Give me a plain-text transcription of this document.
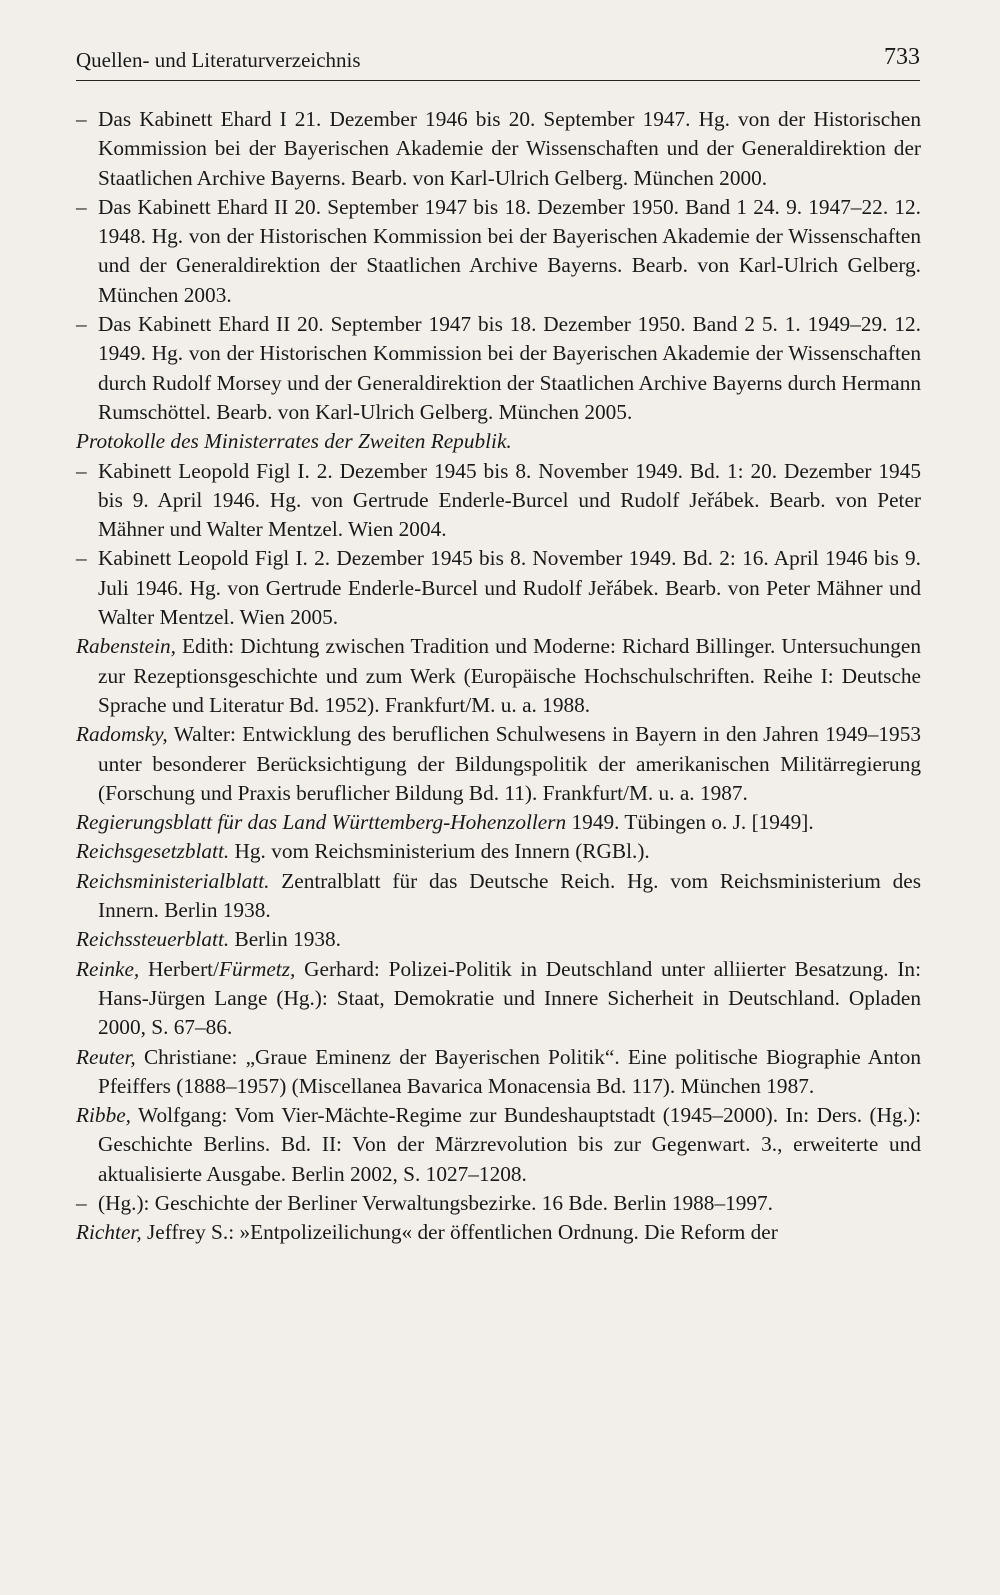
Quellen- und Literaturverzeichnis	733
– Das Kabinett Ehard I 21. Dezember 1946 bis 20. September 1947. Hg. von der Historischen Kommission bei der Bayerischen Akademie der Wissenschaften und der Generaldirektion der Staatlichen Archive Bayerns. Bearb. von Karl-Ulrich Gelberg. München 2000.
– Das Kabinett Ehard II 20. September 1947 bis 18. Dezember 1950. Band 1 24. 9. 1947–22. 12. 1948. Hg. von der Historischen Kommission bei der Bayerischen Akademie der Wissenschaften und der Generaldirektion der Staatlichen Archive Bayerns. Bearb. von Karl-Ulrich Gelberg. München 2003.
– Das Kabinett Ehard II 20. September 1947 bis 18. Dezember 1950. Band 2 5. 1. 1949–29. 12. 1949. Hg. von der Historischen Kommission bei der Bayerischen Akademie der Wissenschaften durch Rudolf Morsey und der Generaldirektion der Staatlichen Archive Bayerns durch Hermann Rumschöttel. Bearb. von Karl-Ulrich Gelberg. München 2005.
Protokolle des Ministerrates der Zweiten Republik.
– Kabinett Leopold Figl I. 2. Dezember 1945 bis 8. November 1949. Bd. 1: 20. Dezember 1945 bis 9. April 1946. Hg. von Gertrude Enderle-Burcel und Rudolf Jeřábek. Bearb. von Peter Mähner und Walter Mentzel. Wien 2004.
– Kabinett Leopold Figl I. 2. Dezember 1945 bis 8. November 1949. Bd. 2: 16. April 1946 bis 9. Juli 1946. Hg. von Gertrude Enderle-Burcel und Rudolf Jeřábek. Bearb. von Peter Mähner und Walter Mentzel. Wien 2005.
Rabenstein, Edith: Dichtung zwischen Tradition und Moderne: Richard Billinger. Untersuchungen zur Rezeptionsgeschichte und zum Werk (Europäische Hochschulschriften. Reihe I: Deutsche Sprache und Literatur Bd. 1952). Frankfurt/M. u. a. 1988.
Radomsky, Walter: Entwicklung des beruflichen Schulwesens in Bayern in den Jahren 1949–1953 unter besonderer Berücksichtigung der Bildungspolitik der amerikanischen Militärregierung (Forschung und Praxis beruflicher Bildung Bd. 11). Frankfurt/M. u. a. 1987.
Regierungsblatt für das Land Württemberg-Hohenzollern 1949. Tübingen o. J. [1949].
Reichsgesetzblatt. Hg. vom Reichsministerium des Innern (RGBl.).
Reichsministerialblatt. Zentralblatt für das Deutsche Reich. Hg. vom Reichsministerium des Innern. Berlin 1938.
Reichssteuerblatt. Berlin 1938.
Reinke, Herbert/Fürmetz, Gerhard: Polizei-Politik in Deutschland unter alliierter Besatzung. In: Hans-Jürgen Lange (Hg.): Staat, Demokratie und Innere Sicherheit in Deutschland. Opladen 2000, S. 67–86.
Reuter, Christiane: „Graue Eminenz der Bayerischen Politik“. Eine politische Biographie Anton Pfeiffers (1888–1957) (Miscellanea Bavarica Monacensia Bd. 117). München 1987.
Ribbe, Wolfgang: Vom Vier-Mächte-Regime zur Bundeshauptstadt (1945–2000). In: Ders. (Hg.): Geschichte Berlins. Bd. II: Von der Märzrevolution bis zur Gegenwart. 3., erweiterte und aktualisierte Ausgabe. Berlin 2002, S. 1027–1208.
– (Hg.): Geschichte der Berliner Verwaltungsbezirke. 16 Bde. Berlin 1988–1997.
Richter, Jeffrey S.: »Entpolizeilichung« der öffentlichen Ordnung. Die Reform der
